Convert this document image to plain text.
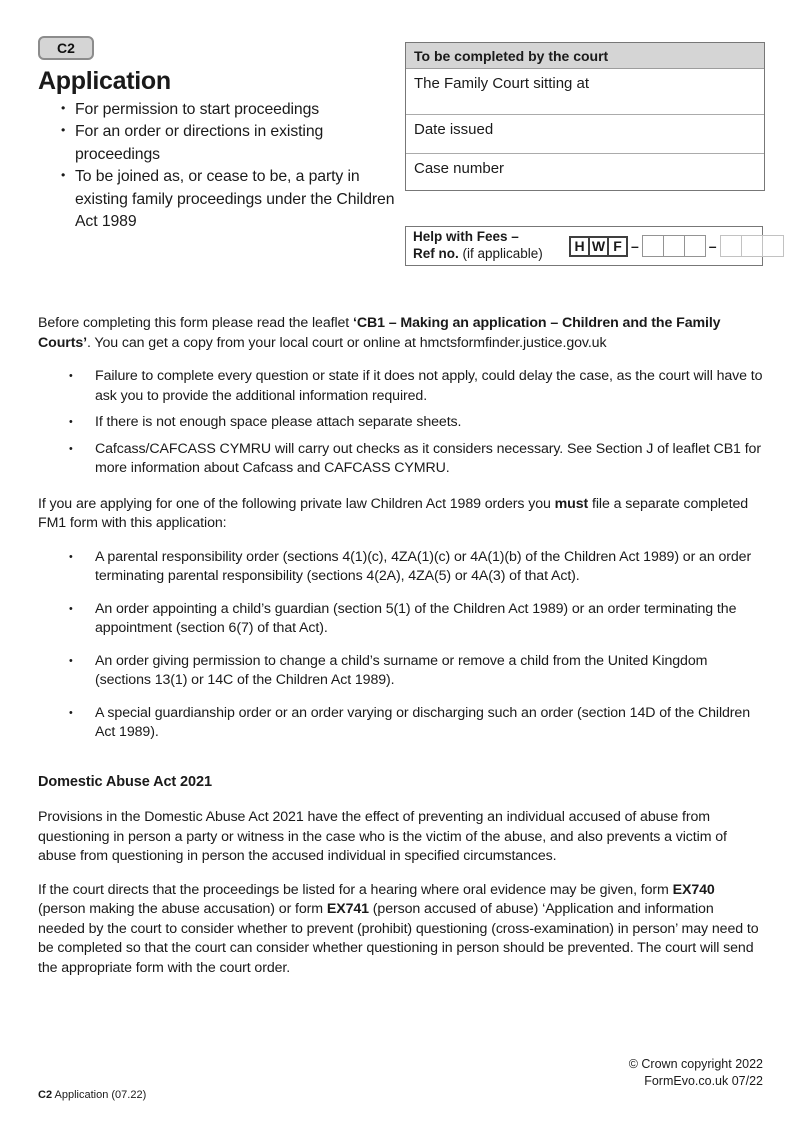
C2
Application
• For permission to start proceedings
• For an order or directions in existing proceedings
• To be joined as, or cease to be, a party in existing family proceedings under the Children Act 1989
To be completed by the court
The Family Court sitting at
Date issued
Case number
Help with Fees –
Ref no. (if applicable)	H W F –	–

Before completing this form please read the leaflet ‘CB1 – Making an application – Children and the Family Courts’. You can get a copy from your local court or online at hmctsformfinder.justice.gov.uk

• Failure to complete every question or state if it does not apply, could delay the case, as the court will have to ask you to provide the additional information required.
• If there is not enough space please attach separate sheets.
• Cafcass/CAFCASS CYMRU will carry out checks as it considers necessary. See Section J of leaflet CB1 for more information about Cafcass and CAFCASS CYMRU.

If you are applying for one of the following private law Children Act 1989 orders you must file a separate completed FM1 form with this application:

• A parental responsibility order (sections 4(1)(c), 4ZA(1)(c) or 4A(1)(b) of the Children Act 1989) or an order terminating parental responsibility (sections 4(2A), 4ZA(5) or 4A(3) of that Act).
• An order appointing a child’s guardian (section 5(1) of the Children Act 1989) or an order terminating the appointment (section 6(7) of that Act).
• An order giving permission to change a child’s surname or remove a child from the United Kingdom (sections 13(1) or 14C of the Children Act 1989).
• A special guardianship order or an order varying or discharging such an order (section 14D of the Children Act 1989).
Domestic Abuse Act 2021

Provisions in the Domestic Abuse Act 2021 have the effect of preventing an individual accused of abuse from questioning in person a party or witness in the case who is the victim of the abuse, and also prevents a victim of abuse from questioning in person the accused individual in specified circumstances.

If the court directs that the proceedings be listed for a hearing where oral evidence may be given, form EX740 (person making the abuse accusation) or form EX741 (person accused of abuse) ‘Application and information needed by the court to consider whether to prevent (prohibit) questioning (cross-examination) in person’ may need to be completed so that the court can consider whether questioning in person should be prevented. The court will send the appropriate form with the court order.

C2 Application (07.22)
© Crown copyright 2022
FormEvo.co.uk 07/22
